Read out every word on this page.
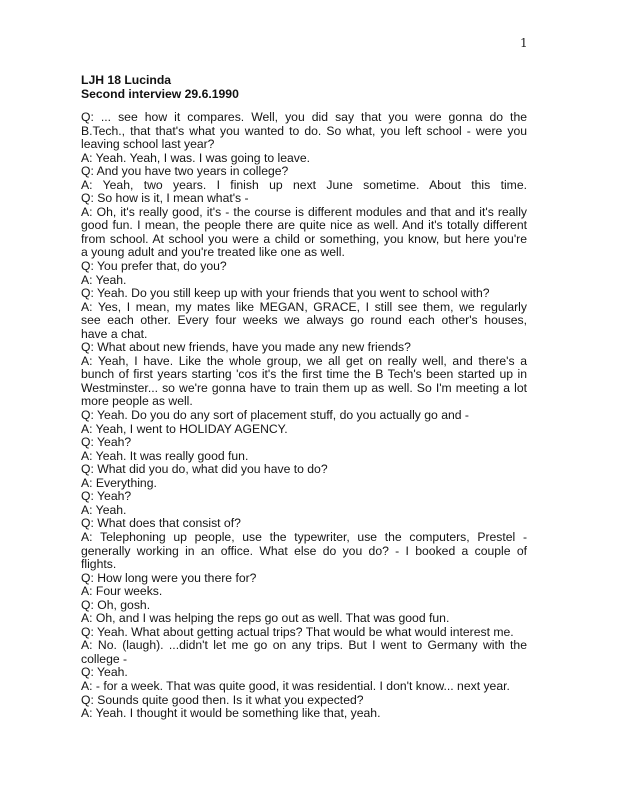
1
LJH 18 Lucinda
Second interview 29.6.1990
Q: ... see how it compares. Well, you did say that you were gonna do the
B.Tech., that that's what you wanted to do. So what, you left school - were you
leaving school last year?
A: Yeah. Yeah, I was. I was going to leave.
Q: And you have two years in college?
A: Yeah, two years. I finish up next June sometime. About this time.
Q: So how is it, I mean what's -
A: Oh, it's really good, it's - the course is different modules and that and it's really
good fun. I mean, the people there are quite nice as well. And it's totally different
from school. At school you were a child or something, you know, but here you're
a young adult and you're treated like one as well.
Q: You prefer that, do you?
A: Yeah.
Q: Yeah. Do you still keep up with your friends that you went to school with?
A: Yes, I mean, my mates like MEGAN, GRACE, I still see them, we regularly
see each other. Every four weeks we always go round each other's houses,
have a chat.
Q: What about new friends, have you made any new friends?
A: Yeah, I have. Like the whole group, we all get on really well, and there's a
bunch of first years starting 'cos it's the first time the B Tech's been started up in
Westminster... so we're gonna have to train them up as well. So I'm meeting a lot
more people as well.
Q: Yeah. Do you do any sort of placement stuff, do you actually go and -
A: Yeah, I went to HOLIDAY AGENCY.
Q: Yeah?
A: Yeah. It was really good fun.
Q: What did you do, what did you have to do?
A: Everything.
Q: Yeah?
A: Yeah.
Q: What does that consist of?
A: Telephoning up people, use the typewriter, use the computers, Prestel -
generally working in an office. What else do you do? - I booked a couple of
flights.
Q: How long were you there for?
A: Four weeks.
Q: Oh, gosh.
A: Oh, and I was helping the reps go out as well. That was good fun.
Q: Yeah. What about getting actual trips? That would be what would interest me.
A: No. (laugh). ...didn't let me go on any trips. But I went to Germany with the
college -
Q: Yeah.
A: - for a week. That was quite good, it was residential. I don't know... next year.
Q: Sounds quite good then. Is it what you expected?
A: Yeah. I thought it would be something like that, yeah.
